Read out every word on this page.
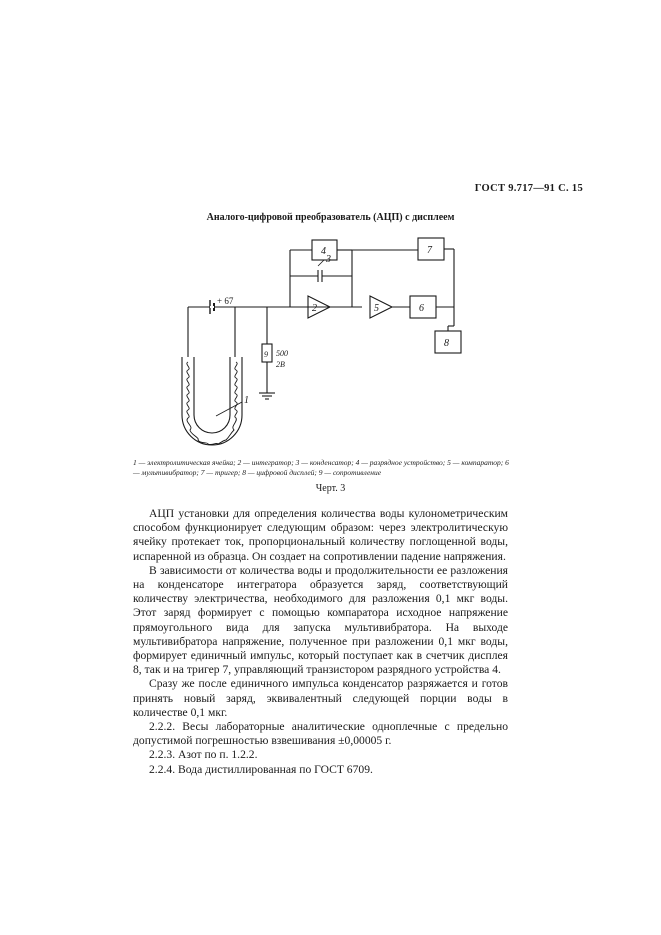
ГОСТ 9.717—91 С. 15
Аналого-цифровой преобразователь (АЦП) с дисплеем
+ 67
9 500
2В
1
2
3
4
5	6
7
8
1 — электролитическая ячейка; 2 — интегратор; 3 — конденсатор; 4 — разрядное устройство; 5 — компаратор; 6 — мультивибратор; 7 — тригер; 8 — цифровой дисплей; 9 — сопротивление
Черт. 3

АЦП установки для определения количества воды кулонометрическим способом функционирует следующим образом: через электролитическую ячейку протекает ток, пропорциональный количеству поглощенной воды, испаренной из образца. Он создает на сопротивлении падение напряжения.

В зависимости от количества воды и продолжительности ее разложения на конденсаторе интегратора образуется заряд, соответствующий количеству электричества, необходимого для разложения 0,1 мкг воды. Этот заряд формирует с помощью компаратора исходное напряжение прямоугольного вида для запуска мультивибратора. На выходе мультивибратора напряжение, полученное при разложении 0,1 мкг воды, формирует единичный импульс, который поступает как в счетчик дисплея 8, так и на тригер 7, управляющий транзистором разрядного устройства 4.

Сразу же после единичного импульса конденсатор разряжается и готов принять новый заряд, эквивалентный следующей порции воды в количестве 0,1 мкг.

2.2.2. Весы лабораторные аналитические одноплечные с предельно допустимой погрешностью взвешивания ±0,00005 г.

2.2.3. Азот по п. 1.2.2.

2.2.4. Вода дистиллированная по ГОСТ 6709.
